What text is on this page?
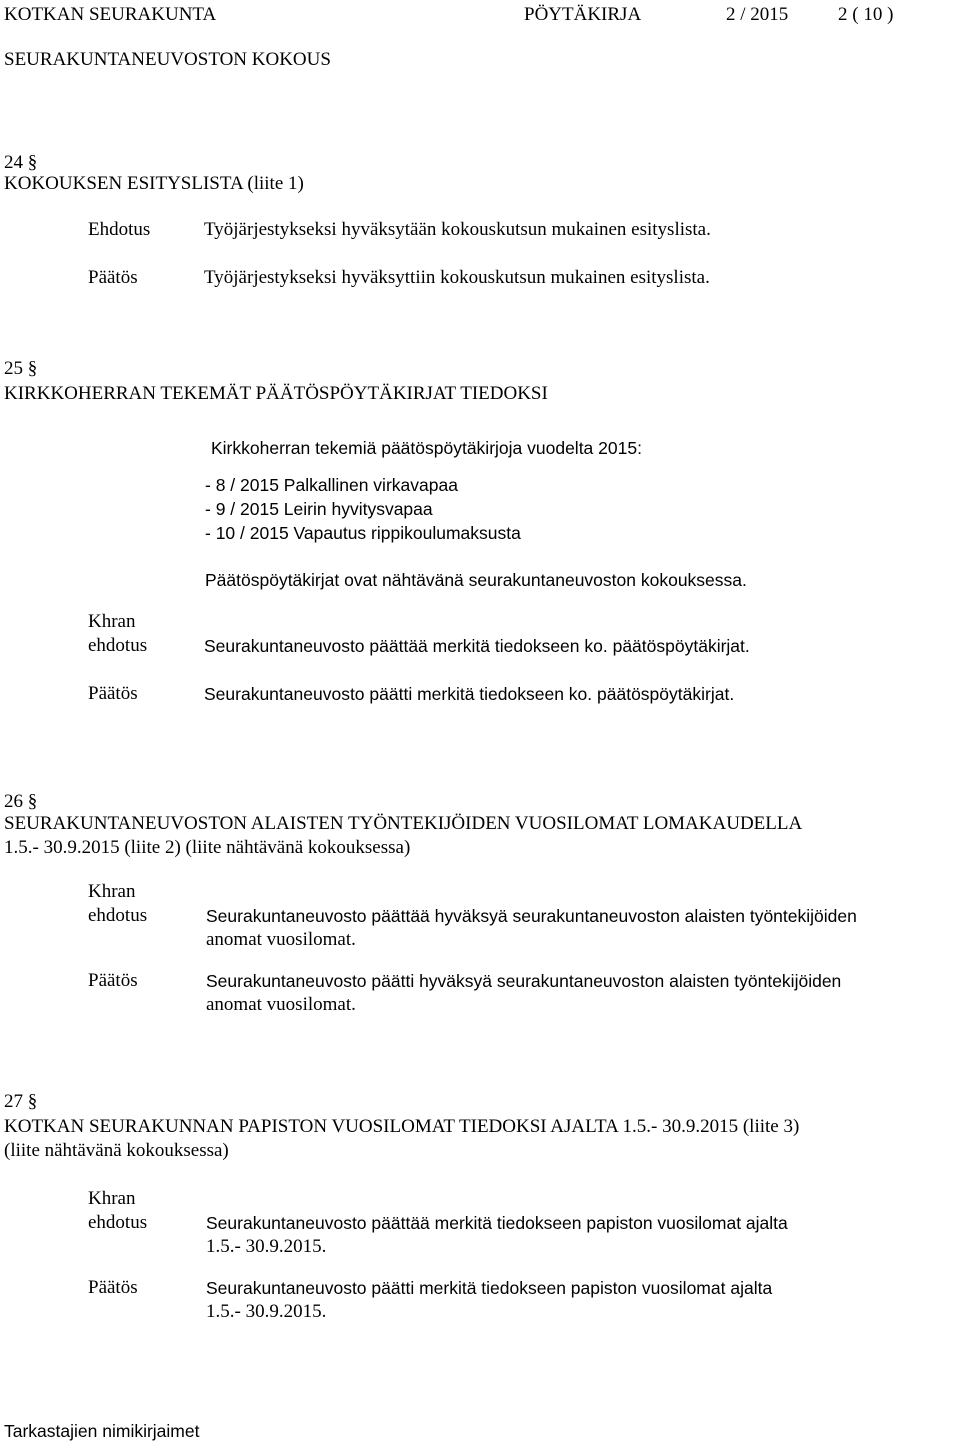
KOTKAN SEURAKUNTA	PÖYTÄKIRJA	2 / 2015	2 ( 10 )
SEURAKUNTANEUVOSTON KOKOUS
24 §
KOKOUKSEN ESITYSLISTA (liite 1)
Ehdotus	Työjärjestykseksi hyväksytään kokouskutsun mukainen esityslista.
Päätös	Työjärjestykseksi hyväksyttiin kokouskutsun mukainen esityslista.
25 §
KIRKKOHERRAN TEKEMÄT PÄÄTÖSPÖYTÄKIRJAT TIEDOKSI
Kirkkoherran tekemiä päätöspöytäkirjoja vuodelta 2015:
- 8 / 2015 Palkallinen virkavapaa
- 9 / 2015 Leirin hyvitysvapaa
- 10 / 2015 Vapautus rippikoulumaksusta
Päätöspöytäkirjat ovat nähtävänä seurakuntaneuvoston kokouksessa.
Khran
ehdotus	Seurakuntaneuvosto päättää merkitä tiedokseen ko. päätöspöytäkirjat.
Päätös	Seurakuntaneuvosto päätti merkitä tiedokseen ko. päätöspöytäkirjat.
26 §
SEURAKUNTANEUVOSTON ALAISTEN TYÖNTEKIJÖIDEN VUOSILOMAT LOMAKAUDELLA
1.5.- 30.9.2015 (liite 2) (liite nähtävänä kokouksessa)
Khran
ehdotus	Seurakuntaneuvosto päättää hyväksyä seurakuntaneuvoston alaisten työntekijöiden
anomat vuosilomat.
Päätös	Seurakuntaneuvosto päätti hyväksyä seurakuntaneuvoston alaisten työntekijöiden
anomat vuosilomat.
27 §
KOTKAN SEURAKUNNAN PAPISTON VUOSILOMAT TIEDOKSI AJALTA 1.5.- 30.9.2015 (liite 3)
(liite nähtävänä kokouksessa)
Khran
ehdotus	Seurakuntaneuvosto päättää merkitä tiedokseen papiston vuosilomat ajalta
1.5.- 30.9.2015.
Päätös	Seurakuntaneuvosto päätti merkitä tiedokseen papiston vuosilomat ajalta
1.5.- 30.9.2015.
Tarkastajien nimikirjaimet
